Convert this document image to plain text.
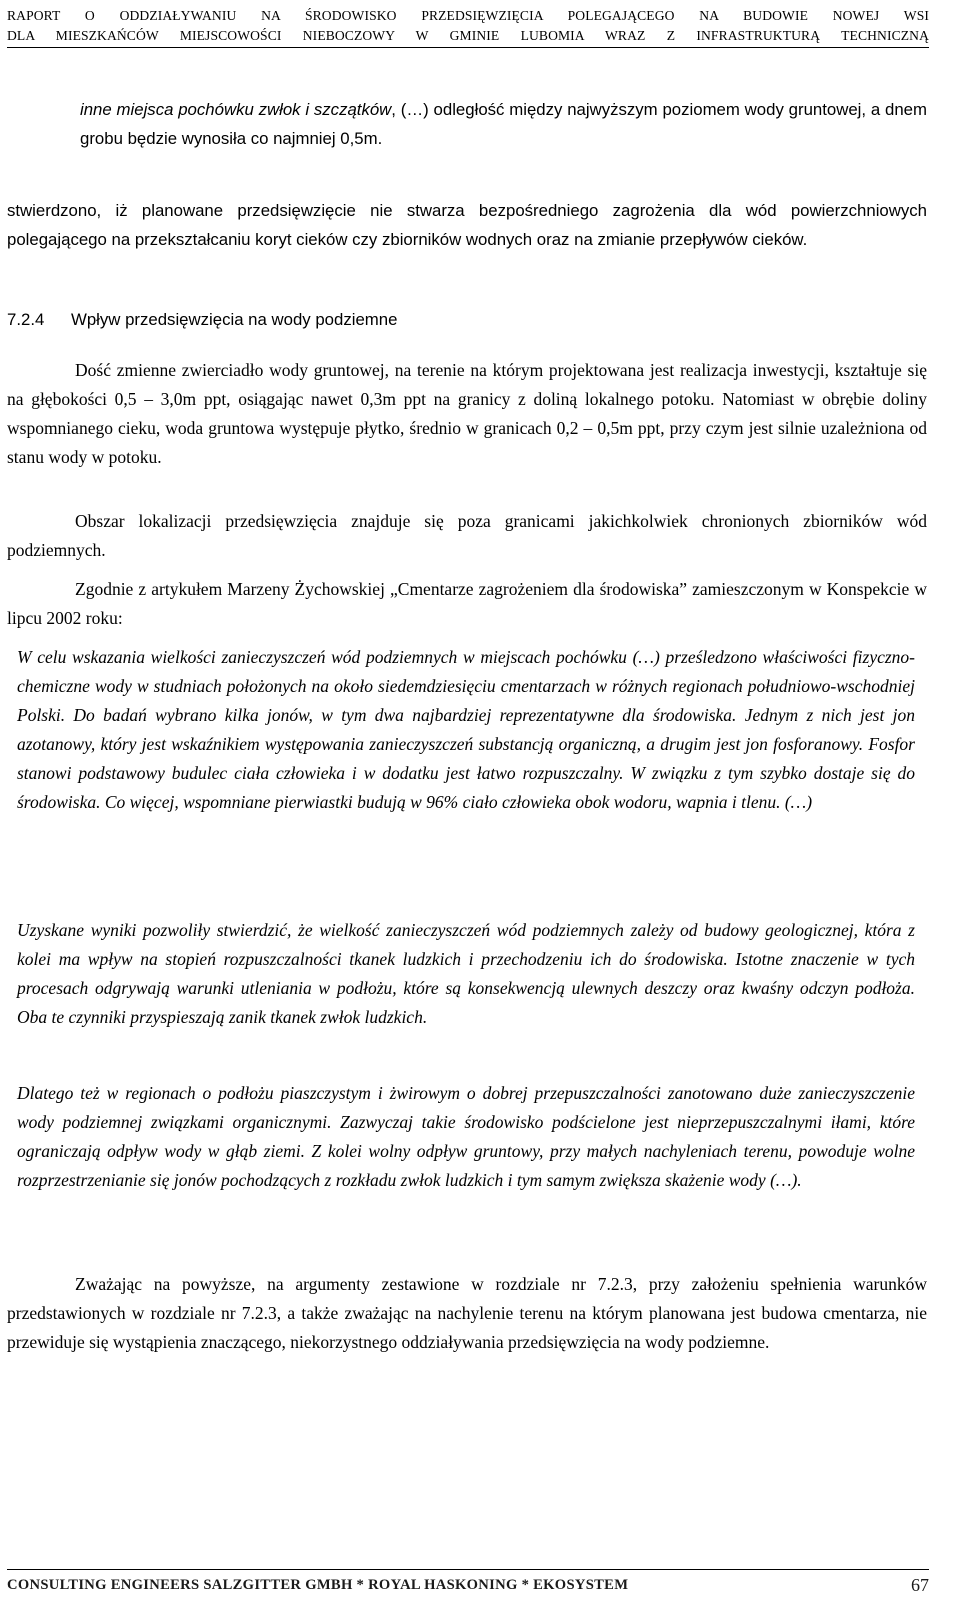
RAPORT O ODDZIAŁYWANIU NA ŚRODOWISKO PRZEDSIĘWZIĘCIA POLEGAJĄCEGO NA BUDOWIE NOWEJ WSI
DLA MIESZKAŃCÓW MIEJSCOWOŚCI NIEBOCZOWY W GMINIE LUBOMIA WRAZ Z INFRASTRUKTURĄ TECHNICZNĄ

inne miejsca pochówku zwłok i szczątków, (…) odległość między najwyższym poziomem wody gruntowej, a dnem grobu będzie wynosiła co najmniej 0,5m.

stwierdzono, iż planowane przedsięwzięcie nie stwarza bezpośredniego zagrożenia dla wód powierzchniowych polegającego na przekształcaniu koryt cieków czy zbiorników wodnych oraz na zmianie przepływów cieków.

7.2.4 Wpływ przedsięwzięcia na wody podziemne

Dość zmienne zwierciadło wody gruntowej, na terenie na którym projektowana jest realizacja inwestycji, kształtuje się na głębokości 0,5 – 3,0m ppt, osiągając nawet 0,3m ppt na granicy z doliną lokalnego potoku. Natomiast w obrębie doliny wspomnianego cieku, woda gruntowa występuje płytko, średnio w granicach 0,2 – 0,5m ppt, przy czym jest silnie uzależniona od stanu wody w potoku.

Obszar lokalizacji przedsięwzięcia znajduje się poza granicami jakichkolwiek chronionych zbiorników wód podziemnych.

Zgodnie z artykułem Marzeny Żychowskiej „Cmentarze zagrożeniem dla środowiska” zamieszczonym w Konspekcie w lipcu 2002 roku:

W celu wskazania wielkości zanieczyszczeń wód podziemnych w miejscach pochówku (…) prześledzono właściwości fizyczno-chemiczne wody w studniach położonych na około siedemdziesięciu cmentarzach w różnych regionach południowo-wschodniej Polski. Do badań wybrano kilka jonów, w tym dwa najbardziej reprezentatywne dla środowiska. Jednym z nich jest jon azotanowy, który jest wskaźnikiem występowania zanieczyszczeń substancją organiczną, a drugim jest jon fosforanowy. Fosfor stanowi podstawowy budulec ciała człowieka i w dodatku jest łatwo rozpuszczalny. W związku z tym szybko dostaje się do środowiska. Co więcej, wspomniane pierwiastki budują w 96% ciało człowieka obok wodoru, wapnia i tlenu. (…)

Uzyskane wyniki pozwoliły stwierdzić, że wielkość zanieczyszczeń wód podziemnych zależy od budowy geologicznej, która z kolei ma wpływ na stopień rozpuszczalności tkanek ludzkich i przechodzeniu ich do środowiska. Istotne znaczenie w tych procesach odgrywają warunki utleniania w podłożu, które są konsekwencją ulewnych deszczy oraz kwaśny odczyn podłoża. Oba te czynniki przyspieszają zanik tkanek zwłok ludzkich.

Dlatego też w regionach o podłożu piaszczystym i żwirowym o dobrej przepuszczalności zanotowano duże zanieczyszczenie wody podziemnej związkami organicznymi. Zazwyczaj takie środowisko podścielone jest nieprzepuszczalnymi iłami, które ograniczają odpływ wody w głąb ziemi. Z kolei wolny odpływ gruntowy, przy małych nachyleniach terenu, powoduje wolne rozprzestrzenianie się jonów pochodzących z rozkładu zwłok ludzkich i tym samym zwiększa skażenie wody (…).

Zważając na powyższe, na argumenty zestawione w rozdziale nr 7.2.3, przy założeniu spełnienia warunków przedstawionych w rozdziale nr 7.2.3, a także zważając na nachylenie terenu na którym planowana jest budowa cmentarza, nie przewiduje się wystąpienia znaczącego, niekorzystnego oddziaływania przedsięwzięcia na wody podziemne.

CONSULTING ENGINEERS SALZGITTER GMBH * ROYAL HASKONING * EKOSYSTEM	67
